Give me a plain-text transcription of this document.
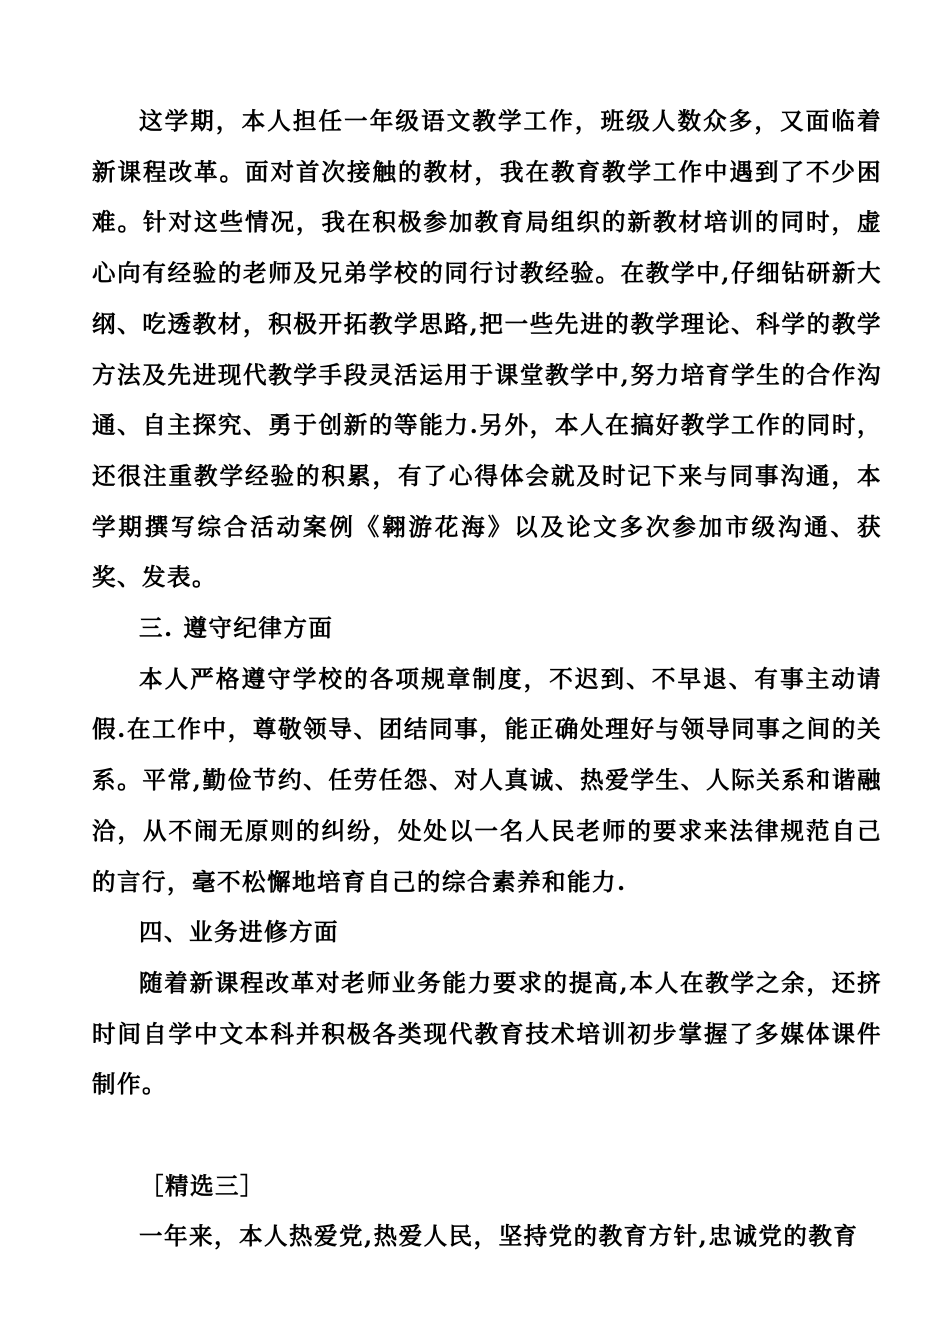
这学期，本人担任一年级语文教学工作，班级人数众多，又面临着新课程改革。面对首次接触的教材，我在教育教学工作中遇到了不少困难。针对这些情况，我在积极参加教育局组织的新教材培训的同时，虚心向有经验的老师及兄弟学校的同行讨教经验。在教学中,仔细钻研新大纲、吃透教材，积极开拓教学思路,把一些先进的教学理论、科学的教学方法及先进现代教学手段灵活运用于课堂教学中,努力培育学生的合作沟通、自主探究、勇于创新的等能力.另外，本人在搞好教学工作的同时，还很注重教学经验的积累，有了心得体会就及时记下来与同事沟通，本学期撰写综合活动案例《翱游花海》以及论文多次参加市级沟通、获奖、发表。

三. 遵守纪律方面

本人严格遵守学校的各项规章制度，不迟到、不早退、有事主动请假.在工作中，尊敬领导、团结同事，能正确处理好与领导同事之间的关系。平常,勤俭节约、任劳任怨、对人真诚、热爱学生、人际关系和谐融洽，从不闹无原则的纠纷，处处以一名人民老师的要求来法律规范自己的言行，毫不松懈地培育自己的综合素养和能力.

四、业务进修方面

随着新课程改革对老师业务能力要求的提高,本人在教学之余，还挤时间自学中文本科并积极各类现代教育技术培训初步掌握了多媒体课件制作。

［精选三］

一年来，本人热爱党,热爱人民，坚持党的教育方针,忠诚党的教育
